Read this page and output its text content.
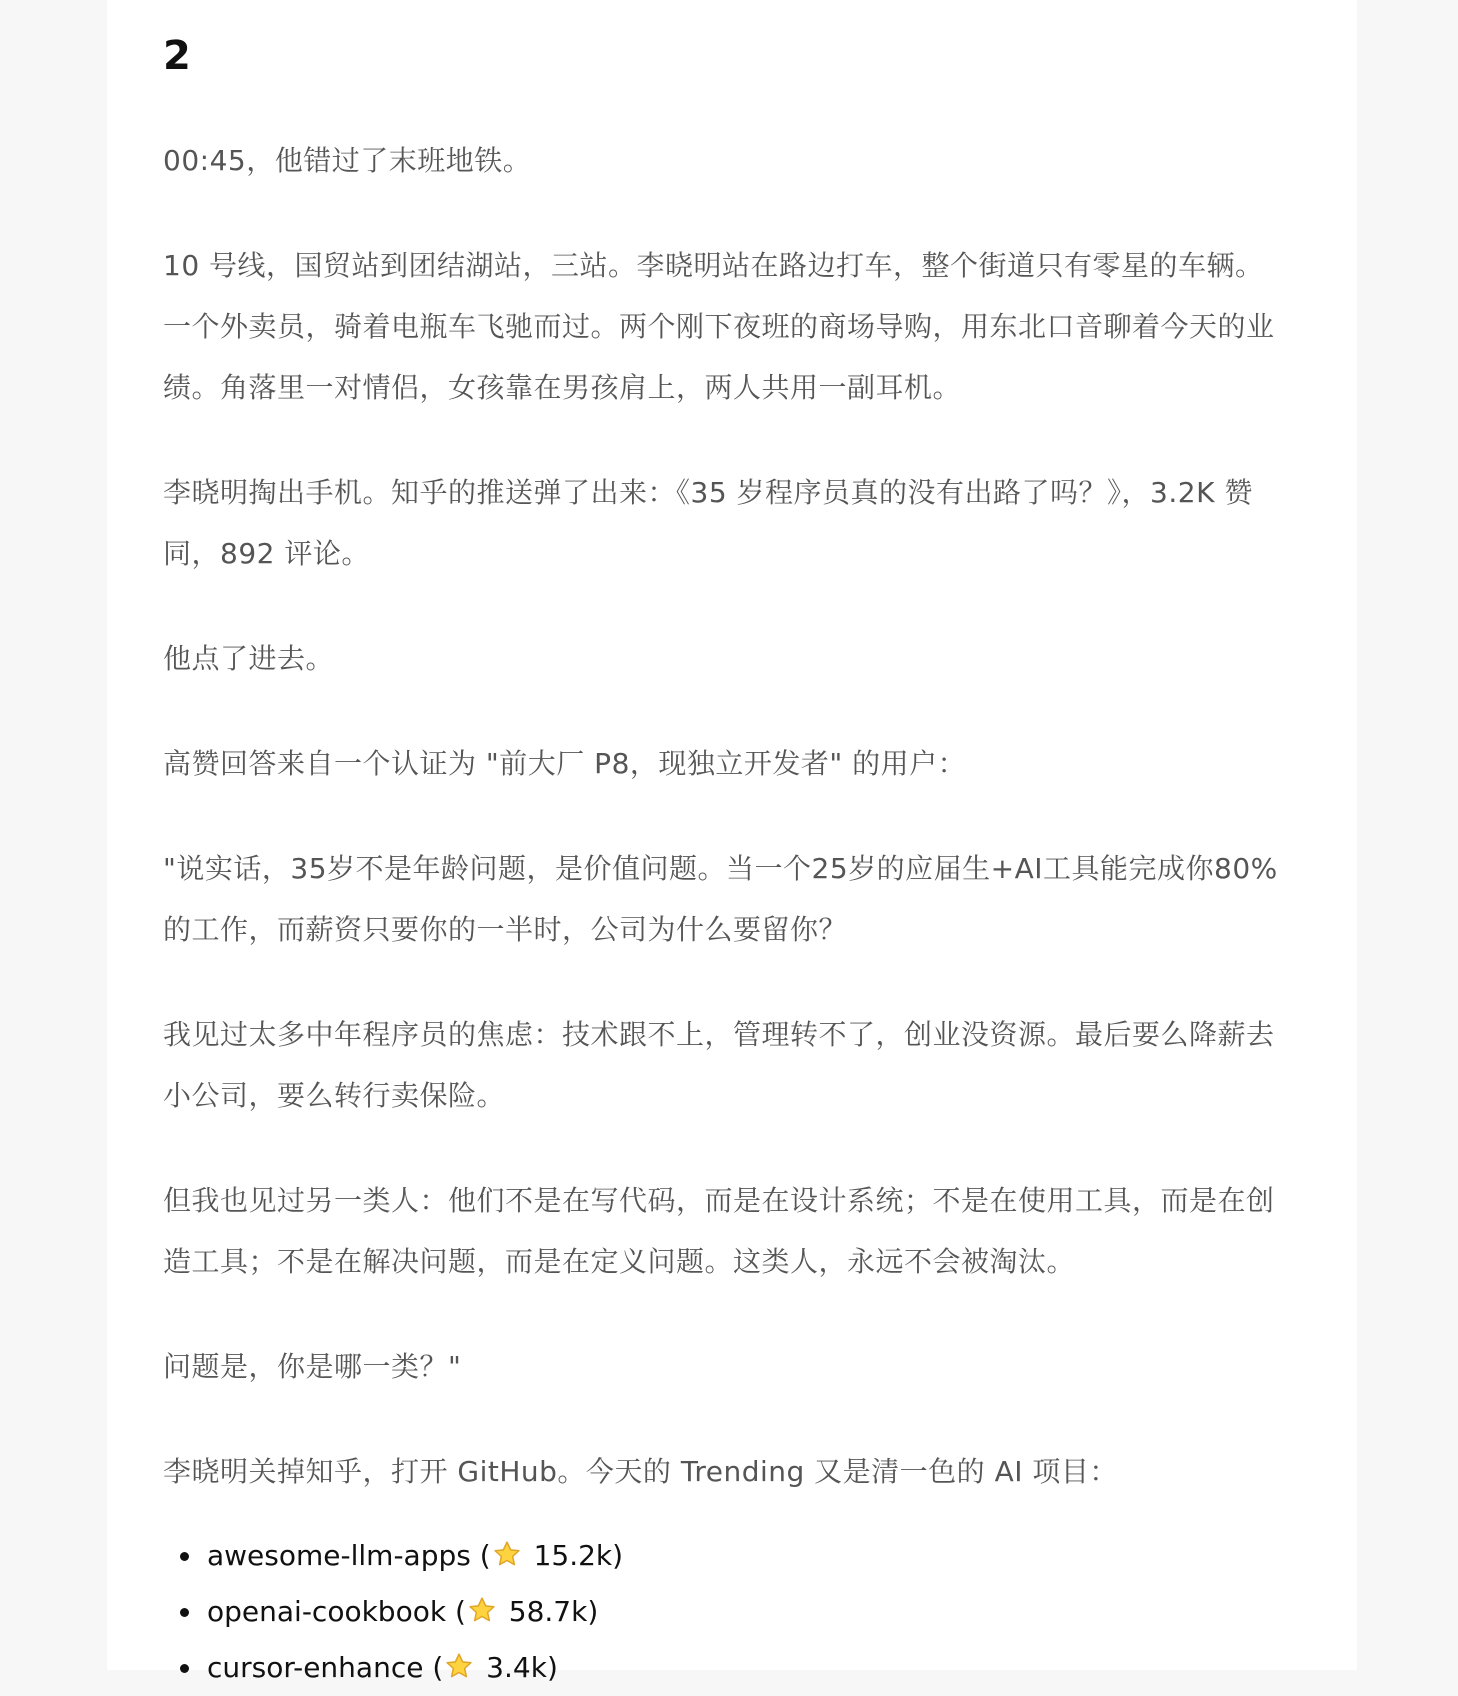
2

00:45，他错过了末班地铁。

10 号线，国贸站到团结湖站，三站。李晓明站在路边打车，整个街道只有零星的车辆。一个外卖员，骑着电瓶车飞驰而过。两个刚下夜班的商场导购，用东北口音聊着今天的业绩。角落里一对情侣，女孩靠在男孩肩上，两人共用一副耳机。

李晓明掏出手机。知乎的推送弹了出来：《35 岁程序员真的没有出路了吗？》，3.2K 赞同，892 评论。

他点了进去。

高赞回答来自一个认证为 "前大厂 P8，现独立开发者" 的用户：

"说实话，35岁不是年龄问题，是价值问题。当一个25岁的应届生+AI工具能完成你80%的工作，而薪资只要你的一半时，公司为什么要留你？

我见过太多中年程序员的焦虑：技术跟不上，管理转不了，创业没资源。最后要么降薪去小公司，要么转行卖保险。

但我也见过另一类人：他们不是在写代码，而是在设计系统；不是在使用工具，而是在创造工具；不是在解决问题，而是在定义问题。这类人，永远不会被淘汰。

问题是，你是哪一类？"

李晓明关掉知乎，打开 GitHub。今天的 Trending 又是清一色的 AI 项目：

awesome-llm-apps ( 15.2k)
openai-cookbook ( 58.7k)
cursor-enhance ( 3.4k)
